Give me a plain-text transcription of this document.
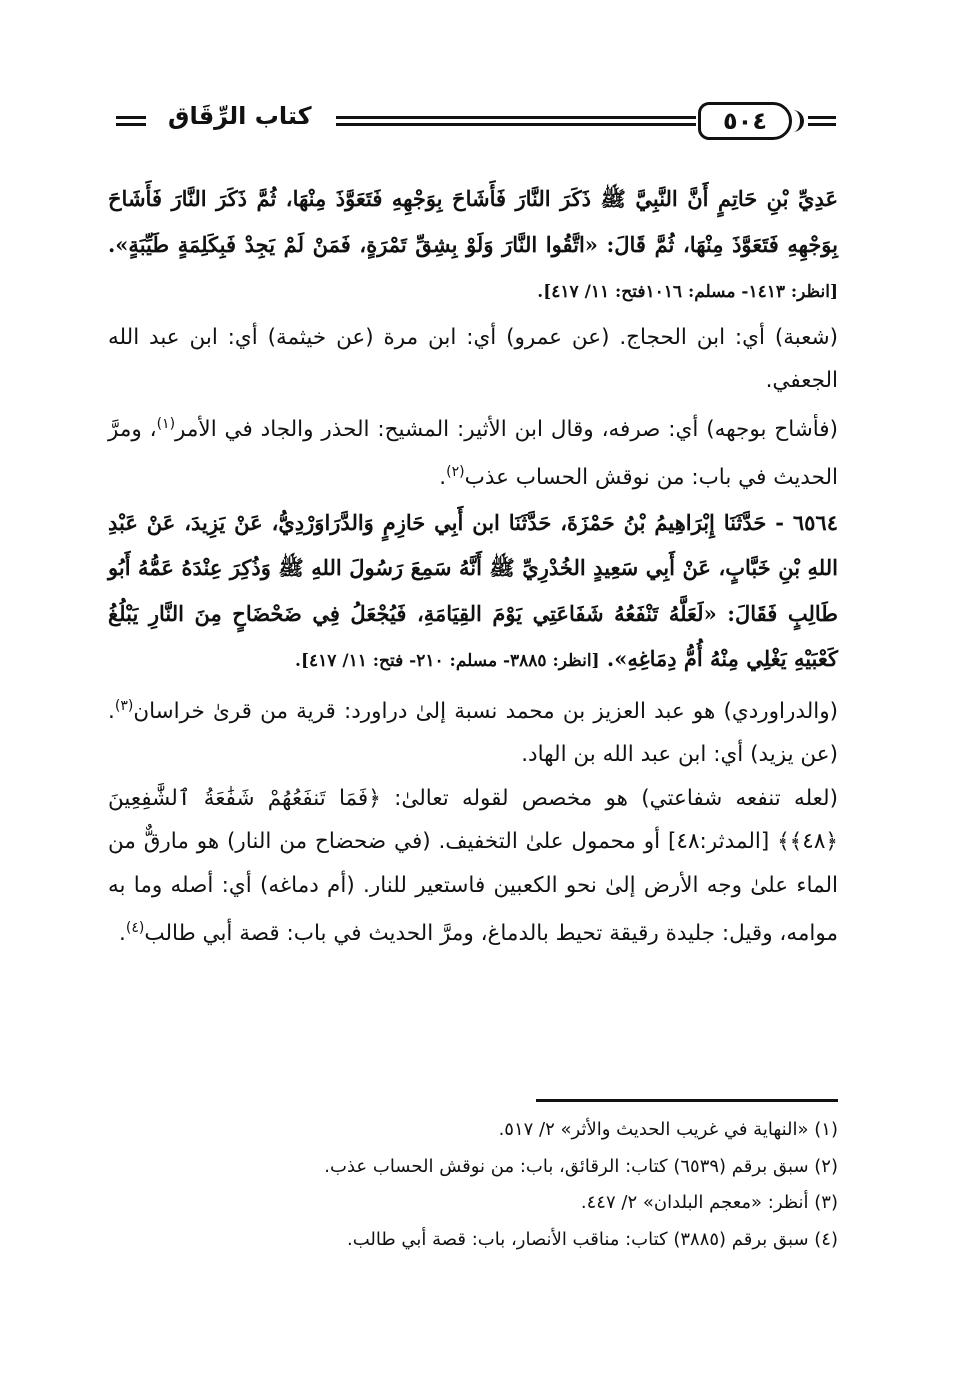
كتاب الرِّقَاق	٥٠٤

عَدِيِّ بْنِ حَاتِمٍ أَنَّ النَّبِيَّ ﷺ ذَكَرَ النَّارَ فَأَشَاحَ بِوَجْهِهِ فَتَعَوَّذَ مِنْهَا، ثُمَّ ذَكَرَ النَّارَ فَأَشَاحَ بِوَجْهِهِ فَتَعَوَّذَ مِنْهَا، ثُمَّ قَالَ: «اتَّقُوا النَّارَ وَلَوْ بِشِقِّ تَمْرَةٍ، فَمَنْ لَمْ يَجِدْ فَبِكَلِمَةٍ طَيِّبَةٍ». [انظر: ١٤١٣- مسلم: ١٠١٦فتح: ١١/ ٤١٧].

(شعبة) أي: ابن الحجاج. (عن عمرو) أي: ابن مرة (عن خيثمة) أي: ابن عبد الله الجعفي.

(فأشاح بوجهه) أي: صرفه، وقال ابن الأثير: المشيح: الحذر والجاد في الأمر$^{(١)}$، ومرَّ الحديث في باب: من نوقش الحساب عذب$^{(٢)}$.

٦٥٦٤ - حَدَّثَنَا إِبْرَاهِيمُ بْنُ حَمْزَةَ، حَدَّثَنَا ابن أَبِي حَازِمٍ وَالدَّرَاوَرْدِيُّ، عَنْ يَزِيدَ، عَنْ عَبْدِ اللهِ بْنِ خَبَّابٍ، عَنْ أَبِي سَعِيدٍ الخُدْرِيِّ ﷺ أَنَّهُ سَمِعَ رَسُولَ اللهِ ﷺ وَذُكِرَ عِنْدَهُ عَمُّهُ أَبُو طَالِبٍ فَقَالَ: «لَعَلَّهُ تَنْفَعُهُ شَفَاعَتِي يَوْمَ القِيَامَةِ، فَيُجْعَلُ فِي ضَحْضَاحٍ مِنَ النَّارِ يَبْلُغُ كَعْبَيْهِ يَغْلِي مِنْهُ أُمُّ دِمَاغِهِ». [انظر: ٣٨٨٥- مسلم: ٢١٠- فتح: ١١/ ٤١٧].

(والدراوردي) هو عبد العزيز بن محمد نسبة إلىٰ دراورد: قرية من قرىٰ خراسان$^{(٣)}$. (عن يزيد) أي: ابن عبد الله بن الهاد.

(لعله تنفعه شفاعتي) هو مخصص لقوله تعالىٰ: ﴿فَمَا تَنفَعُهُمْ شَفَٰعَةُ ٱلشَّٰفِعِينَ ﴿٤٨﴾﴾ [المدثر:٤٨] أو محمول علىٰ التخفيف. (في ضحضاح من النار) هو مارقٌّ من الماء علىٰ وجه الأرض إلىٰ نحو الكعبين فاستعير للنار. (أم دماغه) أي: أصله وما به موامه، وقيل: جليدة رقيقة تحيط بالدماغ، ومرَّ الحديث في باب: قصة أبي طالب$^{(٤)}$.

(١) «النهاية في غريب الحديث والأثر» ٢/ ٥١٧.
(٢) سبق برقم (٦٥٣٩) كتاب: الرقائق، باب: من نوقش الحساب عذب.
(٣) أنظر: «معجم البلدان» ٢/ ٤٤٧.
(٤) سبق برقم (٣٨٨٥) كتاب: مناقب الأنصار، باب: قصة أبي طالب.
